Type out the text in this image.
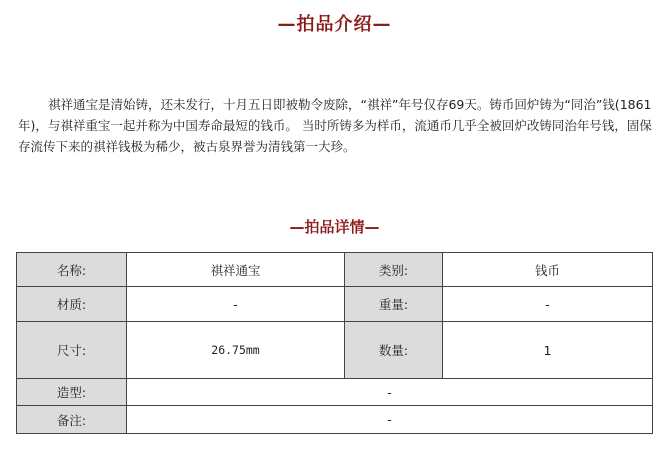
—拍品介绍—

祺祥通宝是清始铸，还未发行，十月五日即被勒令废除，“祺祥”年号仅存69天。铸币回炉铸为“同治”钱(1861年)，与祺祥重宝一起并称为中国寿命最短的钱币。 当时所铸多为样币，流通币几乎全被回炉改铸同治年号钱，固保存流传下来的祺祥钱极为稀少，被古泉界誉为清钱第一大珍。

—拍品详情—
名称:	祺祥通宝	类别:	钱币
材质:	-	重量:	-
尺寸:	26.75mm	数量:	1
造型:	-		
备注:	-		
